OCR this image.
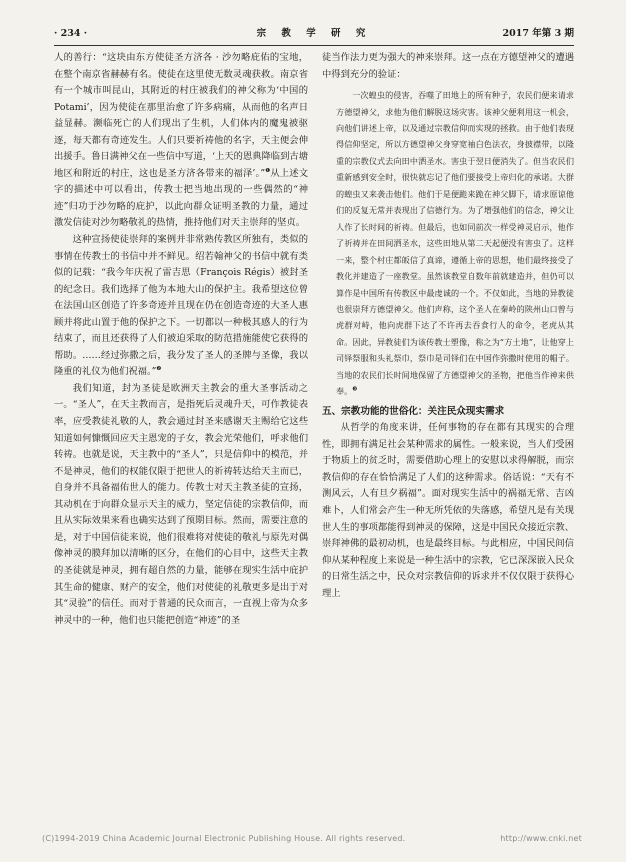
· 234 ·	宗 教 学 研 究	2017 年第 3 期

人的善行：“这块由东方使徒圣方济各 · 沙勿略庇佑的宝地，在整个南京省赫赫有名。使徒在这里使无数灵魂获救。南京省有一个城市叫昆山，其附近的村庄被我们的神父称为‘中国的 Potami’，因为使徒在那里治愈了许多病痛，从而他的名声日益显赫。濒临死亡的人们现出了生机，人们体内的魔鬼被驱逐，每天都有奇迹发生。人们只要祈祷他的名字，天主便会伸出援手。鲁日满神父在一些信中写道，‘上天的恩典降临到古塘地区和附近的村庄，这也是圣方济各带来的福泽’。”$^❶$从上述文字的描述中可以看出，传教士把当地出现的一些偶然的“神迹”归功于沙勿略的庇护，以此向群众证明圣教的力量，通过激发信徒对沙勿略敬礼的热情，推持他们对天主崇拜的坚贞。

这种宣扬使徒崇拜的案例并非常熟传教区所独有，类似的事情在传教士的书信中并不鲜见。绍若翰神父的书信中就有类似的记载：“我今年庆祝了雷吉思（François Régis）被封圣的纪念日。我们选择了他为本地大山的保护主。我希望这位曾在法国山区创造了许多奇迹并且现在仍在创造奇迹的大圣人惠顾并将此山置于他的保护之下。一切都以一种极其感人的行为结束了，而且还获得了人们被迫采取的防范措施能使它获得的帮助。……经过弥撒之后，我分发了圣人的圣牌与圣像，我以隆重的礼仪为他们祝福。”$^❷$

我们知道，封为圣徒是欧洲天主教会的重大圣事活动之一。“圣人”，在天主教而言，是指死后灵魂升天，可作教徒表率，应受教徒礼敬的人，教会通过封圣来感谢天主赐给它这些知道如何慷慨回应天主恩宠的子女，教会光荣他们，呼求他们转祷。也就是说，天主教中的“圣人”，只是信仰中的模范，并不是神灵，他们的权能仅限于把世人的祈祷转达给天主而已，自身并不具备福佑世人的能力。传教士对天主教圣徒的宣扬，其动机在于向群众显示天主的威力，坚定信徒的宗教信仰，而且从实际效果来看也确实达到了预期目标。然而，需要注意的是，对于中国信徒来说，他们很难将对使徒的敬礼与原先对偶像神灵的膜拜加以清晰的区分，在他们的心目中，这些天主教的圣徒就是神灵，拥有超自然的力量，能够在现实生活中庇护其生命的健康、财产的安全，他们对使徒的礼敬更多是出于对其“灵验”的信任。而对于普通的民众而言，一直视上帝为众多神灵中的一种，他们也只能把创造“神迹”的圣

徒当作法力更为强大的神来崇拜。这一点在方德望神父的遭遇中得到充分的验证：

一次蝗虫的侵害，吞噬了田地上的所有种子，农民们便来请求方德望神父，求他为他们解脱这场灾害。该神父便利用这一机会，向他们讲述上帝，以及通过宗教信仰而实现的拯救。由于他们表现得信仰坚定，所以方德望神父身穿宽袖白色法衣，身披襟带，以隆重的宗教仪式去向田中洒圣水。害虫于翌日便消失了。但当农民们重新感到安全时，很快就忘记了他们要接受上帝归化的承诺。大群的蝗虫又来袭击他们。他们于是便跪来跪在神父脚下，请求原谅他们的反复无常并表现出了信德行为。为了增强他们的信念，神父让人作了长时间的祈祷。但最后，也如同前次一样受神灵启示，他作了祈祷并在田间洒圣水，这些田地从第二天起便没有害虫了。这样一来，整个村庄都皈信了真谛，遵循上帝的思想，他们最终接受了教化并建造了一座教堂。虽然该教堂自数年前就建造并，但仍可以算作是中国所有传教区中最虔诚的一个。不仅如此，当地的异教徒也很崇拜方德望神父。他们声称，这个圣人在秦岭的陕州山口曾与虎群对峙，他向虎群下达了不许再去吞食行人的命令，老虎从其命。因此，异教徒们为该传教士塑像，称之为“方土地”，让他穿上司铎祭服和头礼祭巾，祭巾是司铎们在中国作弥撒时使用的帽子。当地的农民们长时间地保留了方德望神父的圣物，把他当作神来供奉。$^❸$

五、宗教功能的世俗化：关注民众现实需求

从哲学的角度来讲，任何事物的存在都有其现实的合理性，即拥有满足社会某种需求的属性。一般来说，当人们受困于物质上的贫乏时，需要借助心理上的安慰以求得解脱，而宗教信仰的存在恰恰满足了人们的这种需求。俗话说：“天有不测风云，人有旦夕祸福”。面对现实生活中的祸福无常、吉凶难卜，人们常会产生一种无所凭依的失落感，希望凡是有关现世人生的事项都能得到神灵的保障，这是中国民众接近宗教、崇拜神佛的最初动机，也是最终目标。与此相应，中国民间信仰从某种程度上来说是一种生活中的宗教，它已深深嵌入民众的日常生活之中，民众对宗教信仰的诉求并不仅仅限于获得心理上

(C)1994-2019 China Academic Journal Electronic Publishing House. All rights reserved.	http://www.cnki.net
